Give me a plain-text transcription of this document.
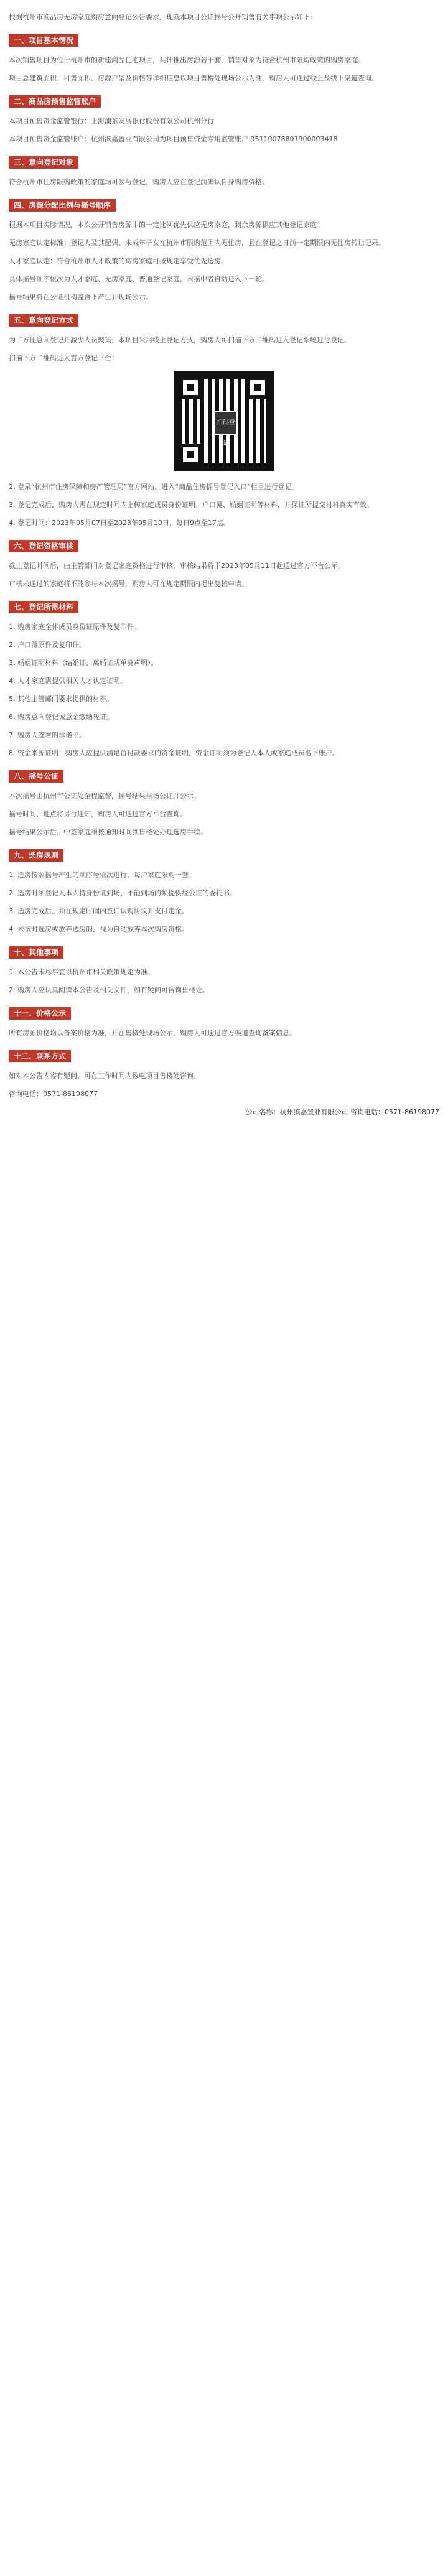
根据杭州市商品房无房家庭购房意向登记公告要求，现就本项目公证摇号公开销售有关事项公示如下：

一、项目基本情况

本次销售项目为位于杭州市的新建商品住宅项目，共计推出房源若干套，销售对象为符合杭州市限购政策的购房家庭。

项目总建筑面积、可售面积、房源户型及价格等详细信息以项目售楼处现场公示为准，购房人可通过线上及线下渠道查询。

二、商品房预售监管账户

本项目预售资金监管银行：上海浦东发展银行股份有限公司杭州分行

本项目预售资金监管账户：杭州滨嘉置业有限公司为项目预售资金专用监管账户 95110078801900003418

三、意向登记对象

符合杭州市住房限购政策的家庭均可参与登记，购房人应在登记前确认自身购房资格。

四、房源分配比例与摇号顺序

根据本项目实际情况，本次公开销售房源中的一定比例优先供应无房家庭，剩余房源供应其他登记家庭。

无房家庭认定标准：登记人及其配偶、未成年子女在杭州市限购范围内无住房，且在登记之日前一定期限内无住房转让记录。

人才家庭认定：符合杭州市人才政策的购房家庭可按规定享受优先选房。

具体摇号顺序依次为人才家庭、无房家庭、普通登记家庭，未摇中者自动进入下一轮。

摇号结果将在公证机构监督下产生并现场公示。

五、意向登记方式

为了方便意向登记并减少人员聚集，本项目采用线上登记方式，购房人可扫描下方二维码进入登记系统进行登记。

扫描下方二维码进入官方登记平台：

扫码登记

2. 登录“杭州市住房保障和房产管理局”官方网站，进入“商品住房摇号登记入口”栏目进行登记。

3. 登记完成后，购房人需在规定时间内上传家庭成员身份证明、户口簿、婚姻证明等材料，并保证所提交材料真实有效。

4. 登记时间：2023年05月07日至2023年05月10日，每日9点至17点。

六、登记资格审核

截止登记时间后，由主管部门对登记家庭资格进行审核，审核结果将于2023年05月11日起通过官方平台公示。

审核未通过的家庭将不能参与本次摇号，购房人可在规定期限内提出复核申请。

七、登记所需材料

1. 购房家庭全体成员身份证原件及复印件。

2. 户口簿原件及复印件。

3. 婚姻证明材料（结婚证、离婚证或单身声明）。

4. 人才家庭需提供相关人才认定证明。

5. 其他主管部门要求提供的材料。

6. 购房意向登记诚意金缴纳凭证。

7. 购房人签署的承诺书。

8. 资金来源证明：购房人应提供满足首付款要求的资金证明，资金证明须为登记人本人或家庭成员名下账户。

八、摇号公证

本次摇号由杭州市公证处全程监督，摇号结果当场公证并公示。

摇号时间、地点将另行通知，购房人可通过官方平台查询。

摇号结果公示后，中签家庭须按通知时间到售楼处办理选房手续。

九、选房规则

1. 选房按照摇号产生的顺序号依次进行，每户家庭限购一套。

2. 选房时须登记人本人持身份证到场，不能到场的须提供经公证的委托书。

3. 选房完成后，须在规定时间内签订认购协议并支付定金。

4. 未按时选房或放弃选房的，视为自动放弃本次购房资格。

十、其他事项

1. 本公告未尽事宜以杭州市相关政策规定为准。

2. 购房人应认真阅读本公告及相关文件，如有疑问可咨询售楼处。

十一、价格公示

所有房源价格均以备案价格为准，并在售楼处现场公示，购房人可通过官方渠道查询备案信息。

十二、联系方式

如对本公告内容有疑问，可在工作时间内致电项目售楼处咨询。

咨询电话：0571-86198077

公司名称：杭州滨嘉置业有限公司 咨询电话：0571-86198077
